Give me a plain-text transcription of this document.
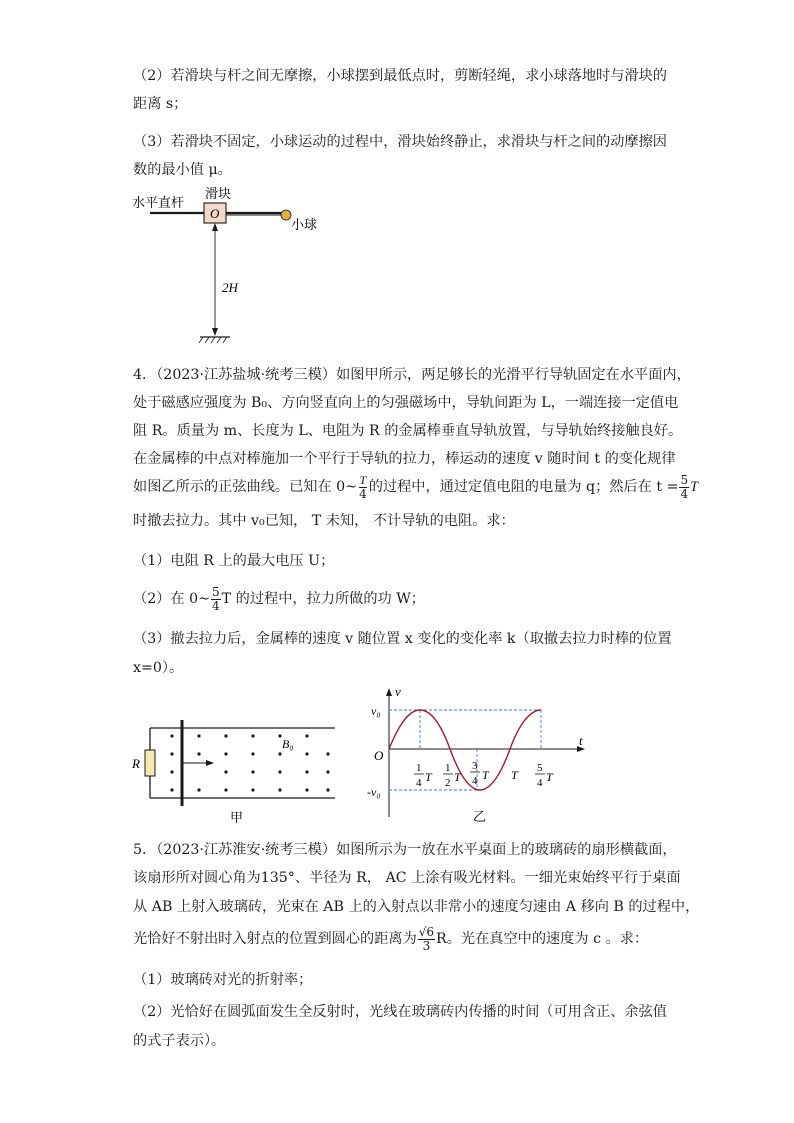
（2）若滑块与杆之间无摩擦，小球摆到最低点时，剪断轻绳，求小球落地时与滑块的
距离 s；
（3）若滑块不固定，小球运动的过程中，滑块始终静止，求滑块与杆之间的动摩擦因
数的最小值 μ。
O
水平直杆
滑块
小球
2H
4．（2023·江苏盐城·统考三模）如图甲所示，两足够长的光滑平行导轨固定在水平面内，
处于磁感应强度为 B₀、方向竖直向上的匀强磁场中，导轨间距为 L，一端连接一定值电
阻 R。质量为 m、长度为 L、电阻为 R 的金属棒垂直导轨放置，与导轨始终接触良好。
在金属棒的中点对棒施加一个平行于导轨的拉力，棒运动的速度 v 随时间 t 的变化规律
如图乙所示的正弦曲线。已知在 0~ $\frac{T}{4}$ 的过程中，通过定值电阻的电量为 q；然后在 $t = \frac{5}{4}$ T
时撤去拉力。其中 v₀已知， T 未知， 不计导轨的电阻。求：
（1）电阻 R 上的最大电压 U；
（2）在 0~ $\frac{5}{4}$ T 的过程中，拉力所做的功 W；
（3）撤去拉力后，金属棒的速度 v 随位置 x 变化的变化率 k（取撤去拉力时棒的位置
x=0）。
R
B₀
甲
v
t
O
v₀
-v₀
1
4 T
1
2 T
3
4 T T 5
4 T
乙
5．（2023·江苏淮安·统考三模）如图所示为一放在水平桌面上的玻璃砖的扇形横截面，
该扇形所对圆心角为135°、半径为 R， AC 上涂有吸光材料。一细光束始终平行于桌面
从 AB 上射入玻璃砖，光束在 AB 上的入射点以非常小的速度匀速由 A 移向 B 的过程中，
光恰好不射出时入射点的位置到圆心的距离为 $\frac{√6}{3}$ R。光在真空中的速度为 c 。求：
（1）玻璃砖对光的折射率；
（2）光恰好在圆弧面发生全反射时，光线在玻璃砖内传播的时间（可用含正、余弦值
的式子表示）。
